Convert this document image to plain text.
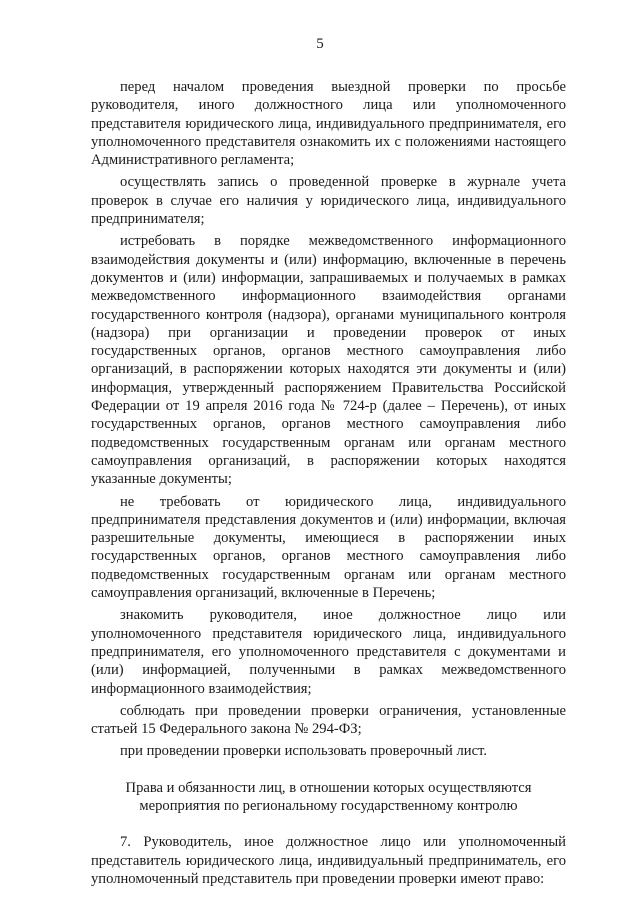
5

перед началом проведения выездной проверки по просьбе руководителя, иного должностного лица или уполномоченного представителя юридического лица, индивидуального предпринимателя, его уполномоченного представителя ознакомить их с положениями настоящего Административного регламента;

осуществлять запись о проведенной проверке в журнале учета проверок в случае его наличия у юридического лица, индивидуального предпринимателя;

истребовать в порядке межведомственного информационного взаимодействия документы и (или) информацию, включенные в перечень документов и (или) информации, запрашиваемых и получаемых в рамках межведомственного информационного взаимодействия органами государственного контроля (надзора), органами муниципального контроля (надзора) при организации и проведении проверок от иных государственных органов, органов местного самоуправления либо организаций, в распоряжении которых находятся эти документы и (или) информация, утвержденный распоряжением Правительства Российской Федерации от 19 апреля 2016 года № 724-р (далее – Перечень), от иных государственных органов, органов местного самоуправления либо подведомственных государственным органам или органам местного самоуправления организаций, в распоряжении которых находятся указанные документы;

не требовать от юридического лица, индивидуального предпринимателя представления документов и (или) информации, включая разрешительные документы, имеющиеся в распоряжении иных государственных органов, органов местного самоуправления либо подведомственных государственным органам или органам местного самоуправления организаций, включенные в Перечень;

знакомить руководителя, иное должностное лицо или уполномоченного представителя юридического лица, индивидуального предпринимателя, его уполномоченного представителя с документами и (или) информацией, полученными в рамках межведомственного информационного взаимодействия;

соблюдать при проведении проверки ограничения, установленные статьей 15 Федерального закона № 294-ФЗ;

при проведении проверки использовать проверочный лист.

Права и обязанности лиц, в отношении которых осуществляются

мероприятия по региональному государственному контролю

7. Руководитель, иное должностное лицо или уполномоченный представитель юридического лица, индивидуальный предприниматель, его уполномоченный представитель при проведении проверки имеют право:
